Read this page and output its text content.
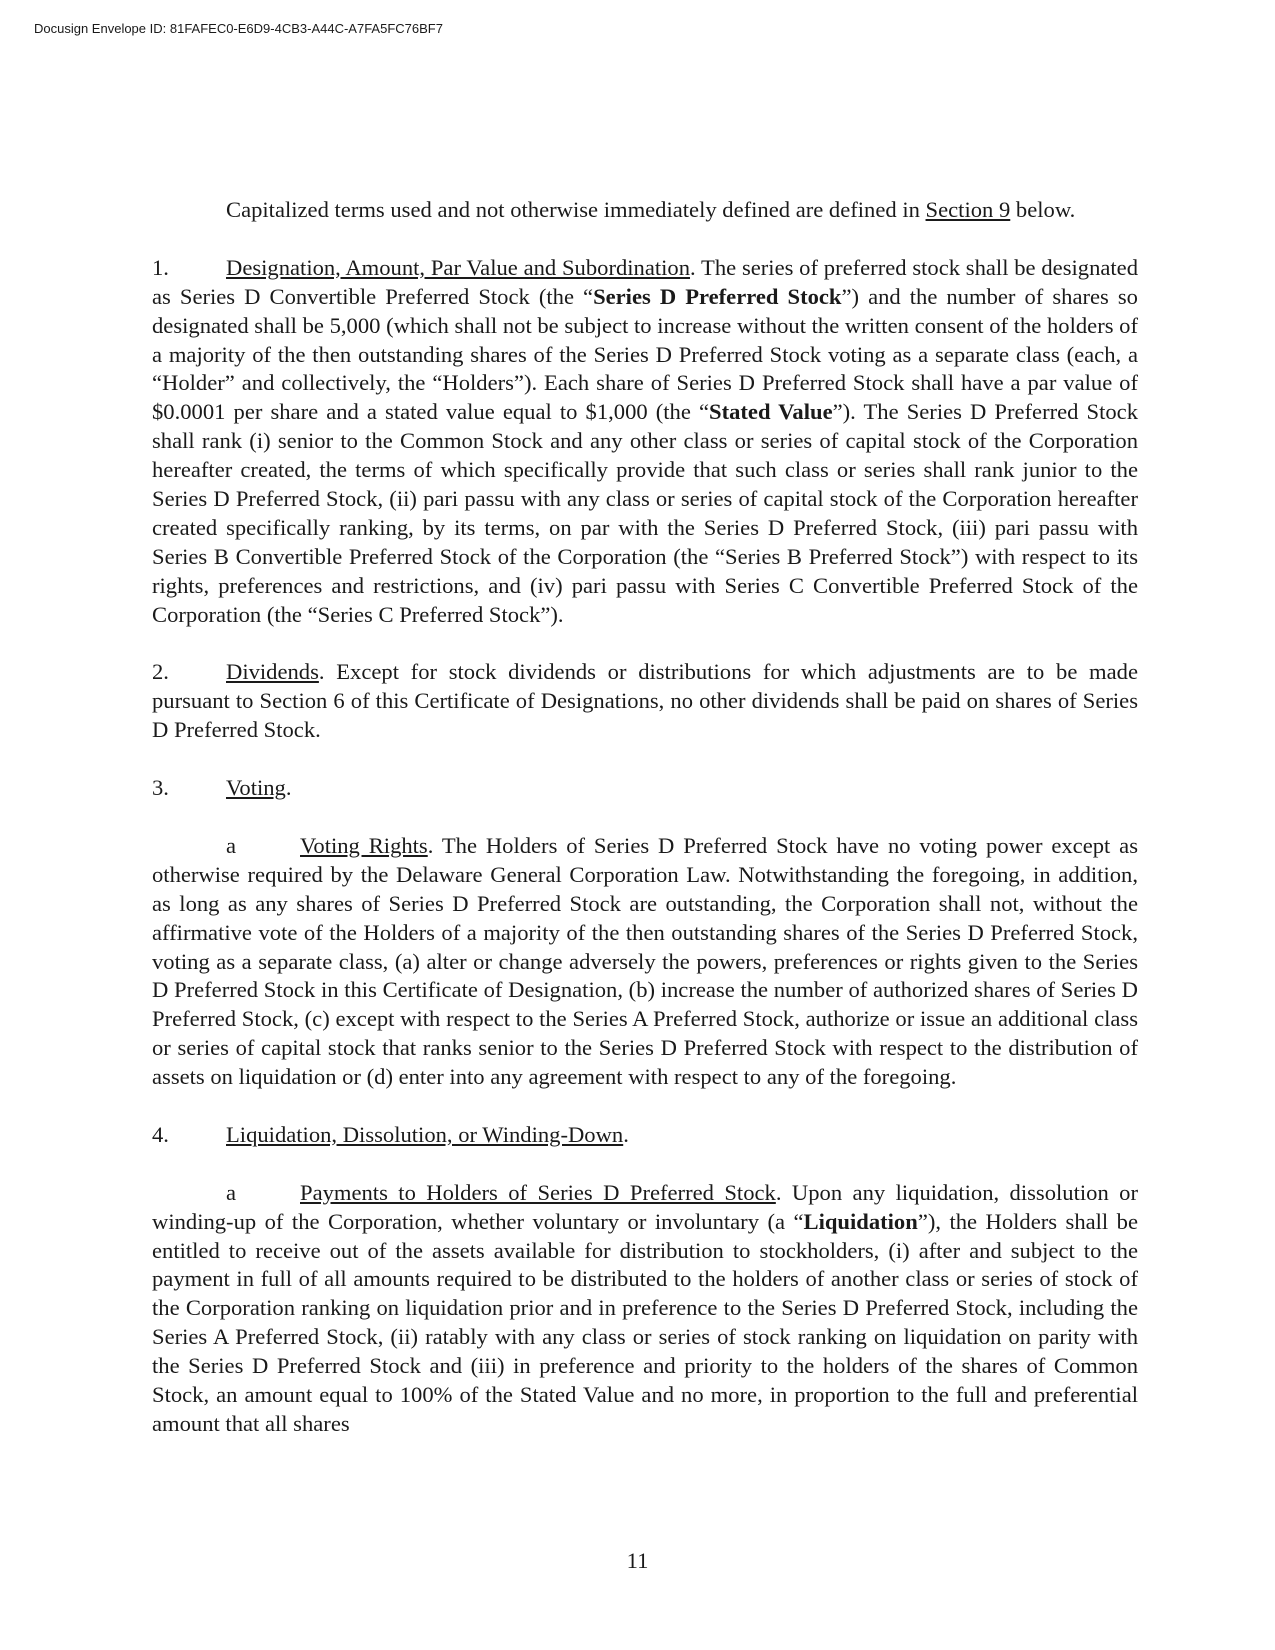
Docusign Envelope ID: 81FAFEC0-E6D9-4CB3-A44C-A7FA5FC76BF7

Capitalized terms used and not otherwise immediately defined are defined in Section 9 below.

1.	Designation, Amount, Par Value and Subordination. The series of preferred stock shall be designated as Series D Convertible Preferred Stock (the “Series D Preferred Stock”) and the number of shares so designated shall be 5,000 (which shall not be subject to increase without the written consent of the holders of a majority of the then outstanding shares of the Series D Preferred Stock voting as a separate class (each, a “Holder” and collectively, the “Holders”). Each share of Series D Preferred Stock shall have a par value of $0.0001 per share and a stated value equal to $1,000 (the “Stated Value”). The Series D Preferred Stock shall rank (i) senior to the Common Stock and any other class or series of capital stock of the Corporation hereafter created, the terms of which specifically provide that such class or series shall rank junior to the Series D Preferred Stock, (ii) pari passu with any class or series of capital stock of the Corporation hereafter created specifically ranking, by its terms, on par with the Series D Preferred Stock, (iii) pari passu with Series B Convertible Preferred Stock of the Corporation (the “Series B Preferred Stock”) with respect to its rights, preferences and restrictions, and (iv) pari passu with Series C Convertible Preferred Stock of the Corporation (the “Series C Preferred Stock”).

2.	Dividends. Except for stock dividends or distributions for which adjustments are to be made pursuant to Section 6 of this Certificate of Designations, no other dividends shall be paid on shares of Series D Preferred Stock.

3.	Voting.

a	Voting Rights. The Holders of Series D Preferred Stock have no voting power except as otherwise required by the Delaware General Corporation Law. Notwithstanding the foregoing, in addition, as long as any shares of Series D Preferred Stock are outstanding, the Corporation shall not, without the affirmative vote of the Holders of a majority of the then outstanding shares of the Series D Preferred Stock, voting as a separate class, (a) alter or change adversely the powers, preferences or rights given to the Series D Preferred Stock in this Certificate of Designation, (b) increase the number of authorized shares of Series D Preferred Stock, (c) except with respect to the Series A Preferred Stock, authorize or issue an additional class or series of capital stock that ranks senior to the Series D Preferred Stock with respect to the distribution of assets on liquidation or (d) enter into any agreement with respect to any of the foregoing.

4.	Liquidation, Dissolution, or Winding-Down.

a	Payments to Holders of Series D Preferred Stock. Upon any liquidation, dissolution or winding-up of the Corporation, whether voluntary or involuntary (a “Liquidation”), the Holders shall be entitled to receive out of the assets available for distribution to stockholders, (i) after and subject to the payment in full of all amounts required to be distributed to the holders of another class or series of stock of the Corporation ranking on liquidation prior and in preference to the Series D Preferred Stock, including the Series A Preferred Stock, (ii) ratably with any class or series of stock ranking on liquidation on parity with the Series D Preferred Stock and (iii) in preference and priority to the holders of the shares of Common Stock, an amount equal to 100% of the Stated Value and no more, in proportion to the full and preferential amount that all shares

11
